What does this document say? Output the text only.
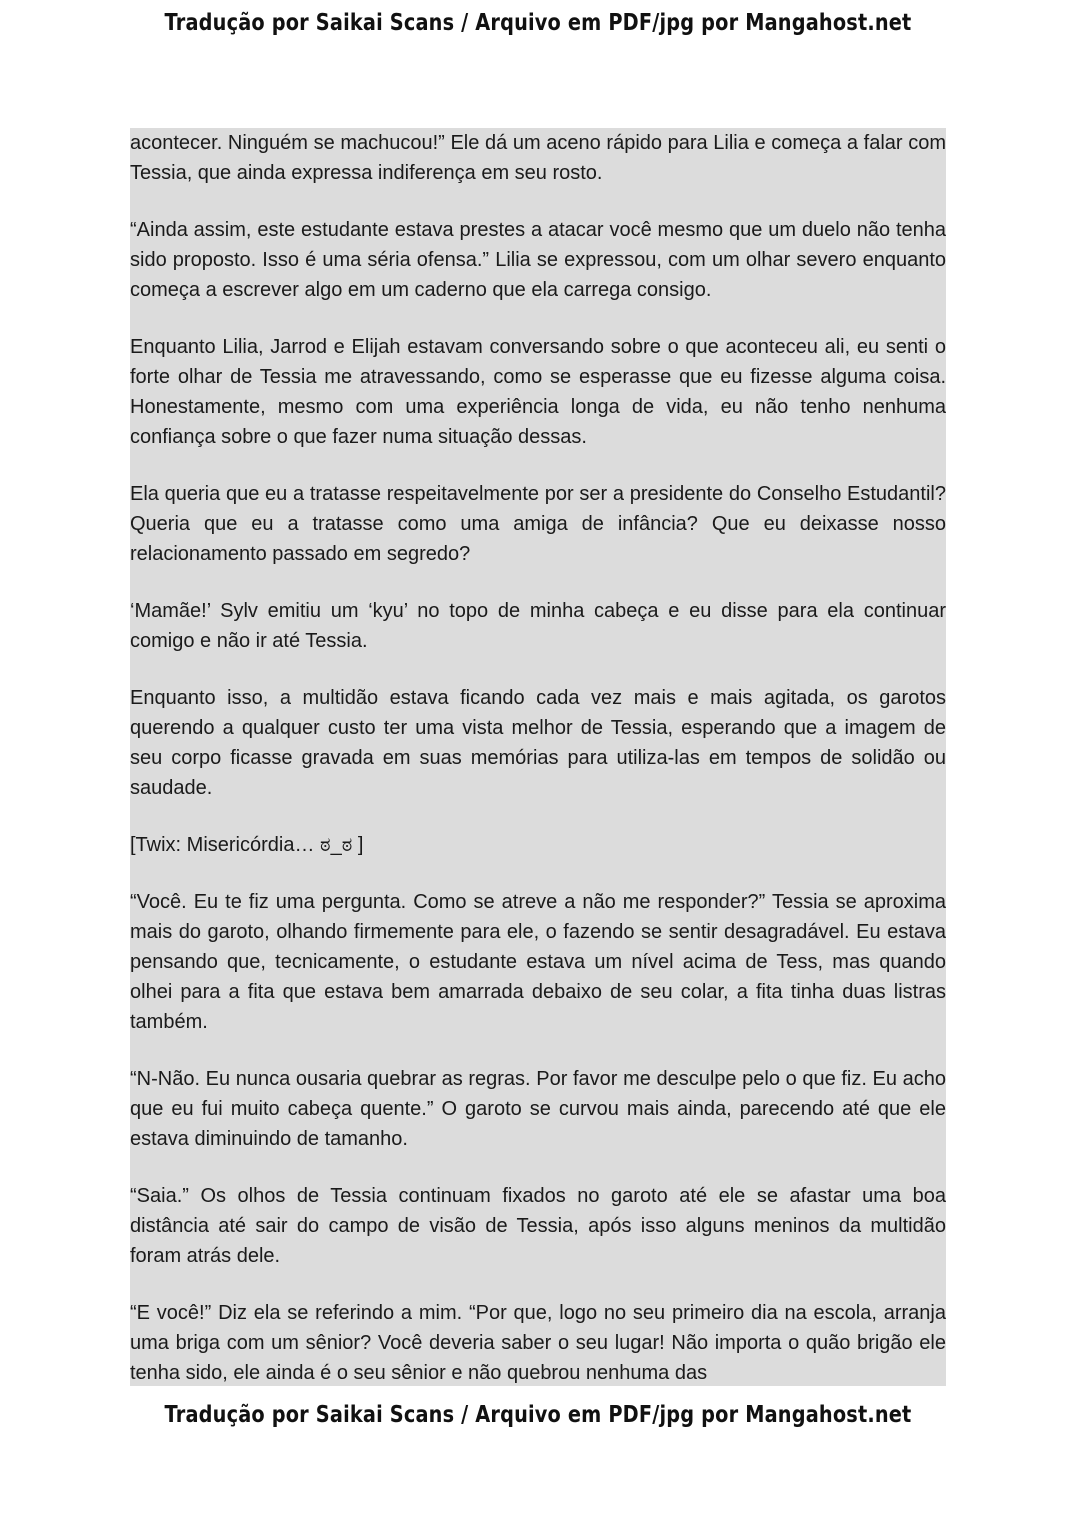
Tradução por Saikai Scans / Arquivo em PDF/jpg por Mangahost.net

acontecer. Ninguém se machucou!” Ele dá um aceno rápido para Lilia e começa a falar com Tessia, que ainda expressa indiferença em seu rosto.

“Ainda assim, este estudante estava prestes a atacar você mesmo que um duelo não tenha sido proposto. Isso é uma séria ofensa.” Lilia se expressou, com um olhar severo enquanto começa a escrever algo em um caderno que ela carrega consigo.

Enquanto Lilia, Jarrod e Elijah estavam conversando sobre o que aconteceu ali, eu senti o forte olhar de Tessia me atravessando, como se esperasse que eu fizesse alguma coisa. Honestamente, mesmo com uma experiência longa de vida, eu não tenho nenhuma confiança sobre o que fazer numa situação dessas.

Ela queria que eu a tratasse respeitavelmente por ser a presidente do Conselho Estudantil? Queria que eu a tratasse como uma amiga de infância? Que eu deixasse nosso relacionamento passado em segredo?

‘Mamãe!’ Sylv emitiu um ‘kyu’ no topo de minha cabeça e eu disse para ela continuar comigo e não ir até Tessia.

Enquanto isso, a multidão estava ficando cada vez mais e mais agitada, os garotos querendo a qualquer custo ter uma vista melhor de Tessia, esperando que a imagem de seu corpo ficasse gravada em suas memórias para utiliza-las em tempos de solidão ou saudade.

[Twix: Misericórdia… ಠ_ಠ ]

“Você. Eu te fiz uma pergunta. Como se atreve a não me responder?” Tessia se aproxima mais do garoto, olhando firmemente para ele, o fazendo se sentir desagradável. Eu estava pensando que, tecnicamente, o estudante estava um nível acima de Tess, mas quando olhei para a fita que estava bem amarrada debaixo de seu colar, a fita tinha duas listras também.

“N-Não. Eu nunca ousaria quebrar as regras. Por favor me desculpe pelo o que fiz. Eu acho que eu fui muito cabeça quente.” O garoto se curvou mais ainda, parecendo até que ele estava diminuindo de tamanho.

“Saia.” Os olhos de Tessia continuam fixados no garoto até ele se afastar uma boa distância até sair do campo de visão de Tessia, após isso alguns meninos da multidão foram atrás dele.

“E você!” Diz ela se referindo a mim. “Por que, logo no seu primeiro dia na escola, arranja uma briga com um sênior? Você deveria saber o seu lugar! Não importa o quão brigão ele tenha sido, ele ainda é o seu sênior e não quebrou nenhuma das

Tradução por Saikai Scans / Arquivo em PDF/jpg por Mangahost.net
